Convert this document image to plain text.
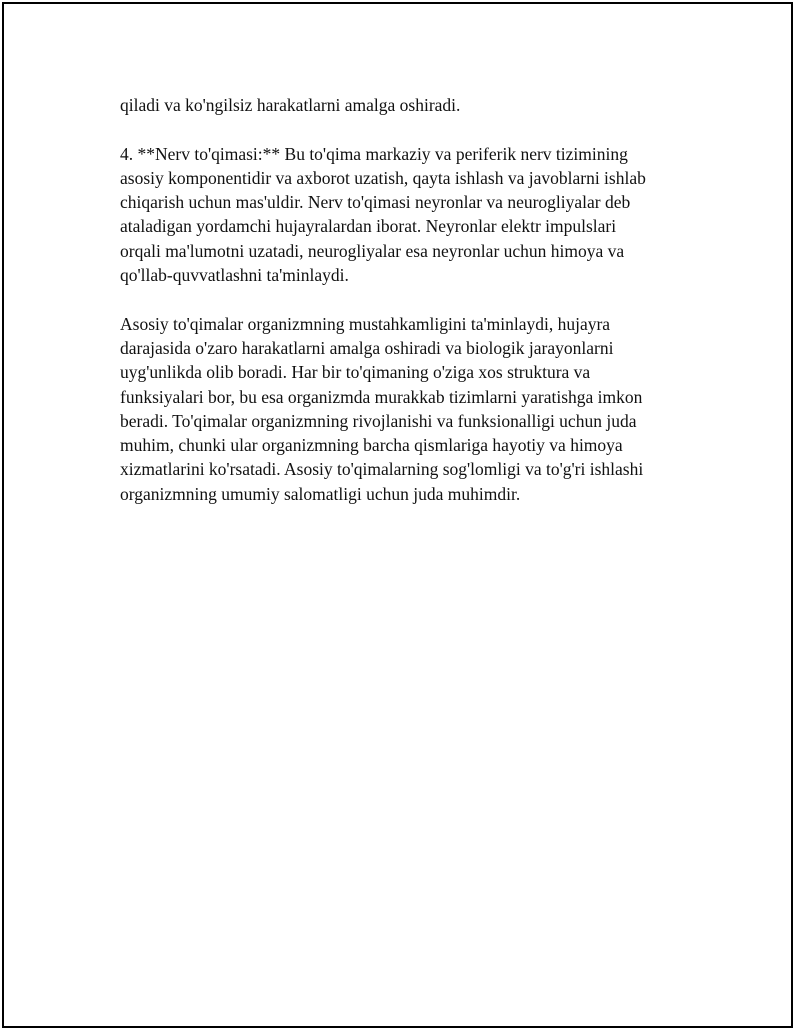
qiladi va ko'ngilsiz harakatlarni amalga oshiradi.

4. **Nerv to'qimasi:** Bu to'qima markaziy va periferik nerv tizimining
asosiy komponentidir va axborot uzatish, qayta ishlash va javoblarni ishlab
chiqarish uchun mas'uldir. Nerv to'qimasi neyronlar va neurogliyalar deb
ataladigan yordamchi hujayralardan iborat. Neyronlar elektr impulslari
orqali ma'lumotni uzatadi, neurogliyalar esa neyronlar uchun himoya va
qo'llab-quvvatlashni ta'minlaydi.

Asosiy to'qimalar organizmning mustahkamligini ta'minlaydi, hujayra
darajasida o'zaro harakatlarni amalga oshiradi va biologik jarayonlarni
uyg'unlikda olib boradi. Har bir to'qimaning o'ziga xos struktura va
funksiyalari bor, bu esa organizmda murakkab tizimlarni yaratishga imkon
beradi. To'qimalar organizmning rivojlanishi va funksionalligi uchun juda
muhim, chunki ular organizmning barcha qismlariga hayotiy va himoya
xizmatlarini ko'rsatadi. Asosiy to'qimalarning sog'lomligi va to'g'ri ishlashi
organizmning umumiy salomatligi uchun juda muhimdir.
